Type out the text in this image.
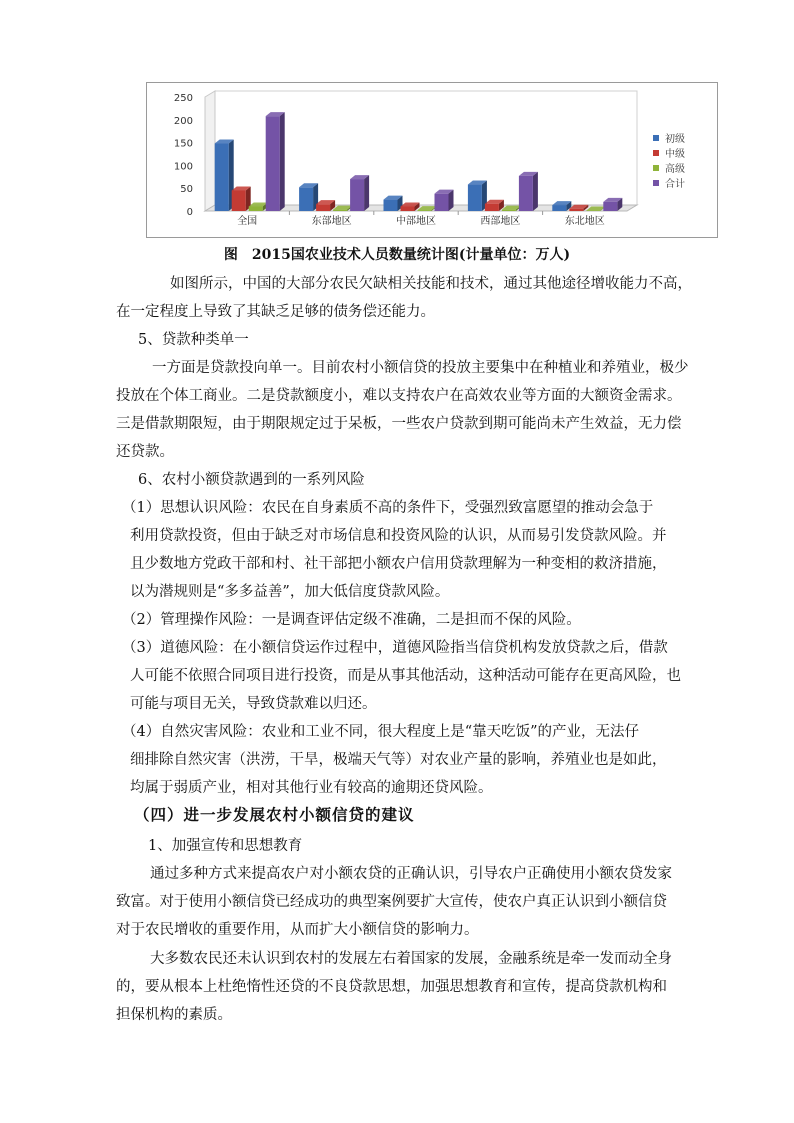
250
200
150
100
50
0
全国	东部地区	中部地区	西部地区	东北地区
初级
中级
高级
合计
图　2015国农业技术人员数量统计图(计量单位：万人)

如图所示，中国的大部分农民欠缺相关技能和技术，通过其他途径增收能力不高，

在一定程度上导致了其缺乏足够的债务偿还能力。

5、贷款种类单一

一方面是贷款投向单一。目前农村小额信贷的投放主要集中在种植业和养殖业，极少

投放在个体工商业。二是贷款额度小，难以支持农户在高效农业等方面的大额资金需求。

三是借款期限短，由于期限规定过于呆板，一些农户贷款到期可能尚未产生效益，无力偿

还贷款。

6、农村小额贷款遇到的一系列风险

（1）思想认识风险：农民在自身素质不高的条件下，受强烈致富愿望的推动会急于

利用贷款投资，但由于缺乏对市场信息和投资风险的认识，从而易引发贷款风险。并

且少数地方党政干部和村、社干部把小额农户信用贷款理解为一种变相的救济措施，

以为潜规则是“多多益善”，加大低信度贷款风险。

（2）管理操作风险：一是调查评估定级不准确，二是担而不保的风险。

（3）道德风险：在小额信贷运作过程中，道德风险指当信贷机构发放贷款之后，借款

人可能不依照合同项目进行投资，而是从事其他活动，这种活动可能存在更高风险，也

可能与项目无关，导致贷款难以归还。

（4）自然灾害风险：农业和工业不同，很大程度上是“靠天吃饭”的产业，无法仔

细排除自然灾害（洪涝，干旱，极端天气等）对农业产量的影响，养殖业也是如此，

均属于弱质产业，相对其他行业有较高的逾期还贷风险。

（四）进一步发展农村小额信贷的建议

1、加强宣传和思想教育

通过多种方式来提高农户对小额农贷的正确认识，引导农户正确使用小额农贷发家

致富。对于使用小额信贷已经成功的典型案例要扩大宣传，使农户真正认识到小额信贷

对于农民增收的重要作用，从而扩大小额信贷的影响力。

大多数农民还未认识到农村的发展左右着国家的发展，金融系统是牵一发而动全身

的，要从根本上杜绝惰性还贷的不良贷款思想，加强思想教育和宣传，提高贷款机构和

担保机构的素质。
